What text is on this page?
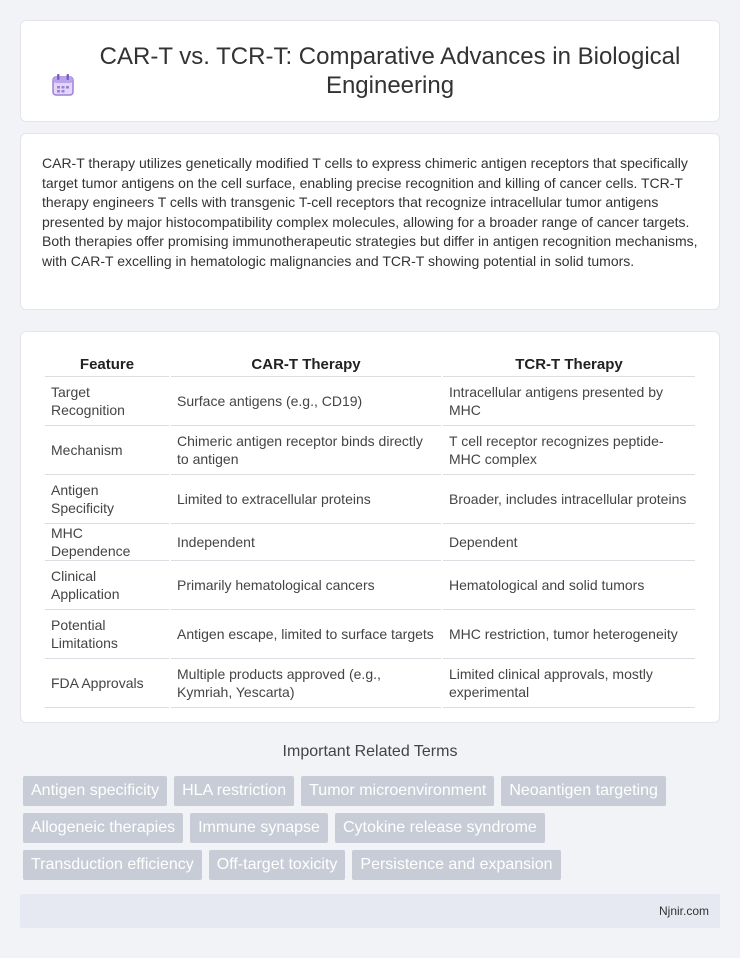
CAR-T vs. TCR-T: Comparative Advances in Biological Engineering

CAR-T therapy utilizes genetically modified T cells to express chimeric antigen receptors that specifically target tumor antigens on the cell surface, enabling precise recognition and killing of cancer cells. TCR-T therapy engineers T cells with transgenic T-cell receptors that recognize intracellular tumor antigens presented by major histocompatibility complex molecules, allowing for a broader range of cancer targets. Both therapies offer promising immunotherapeutic strategies but differ in antigen recognition mechanisms, with CAR-T excelling in hematologic malignancies and TCR-T showing potential in solid tumors.

Feature	CAR-T Therapy	TCR-T Therapy
Target Recognition	Surface antigens (e.g., CD19)	Intracellular antigens presented by MHC
Mechanism	Chimeric antigen receptor binds directly to antigen	T cell receptor recognizes peptide-MHC complex
Antigen Specificity	Limited to extracellular proteins	Broader, includes intracellular proteins
MHC Dependence	Independent	Dependent
Clinical Application	Primarily hematological cancers	Hematological and solid tumors
Potential Limitations	Antigen escape, limited to surface targets	MHC restriction, tumor heterogeneity
FDA Approvals	Multiple products approved (e.g., Kymriah, Yescarta)	Limited clinical approvals, mostly experimental
Important Related Terms
Antigen specificity	HLA restriction	Tumor microenvironment	Neoantigen targeting
Allogeneic therapies	Immune synapse	Cytokine release syndrome
Transduction efficiency	Off-target toxicity	Persistence and expansion
Njnir.com
